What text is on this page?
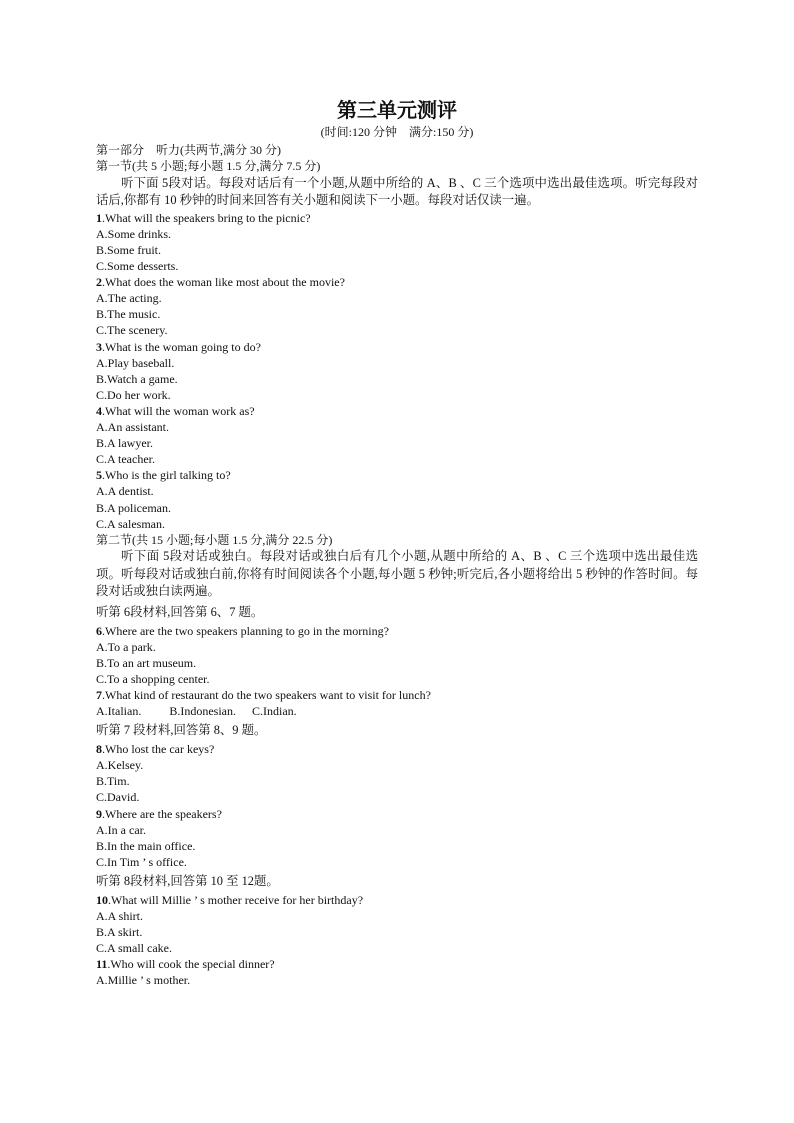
第三单元测评
(时间:120 分钟　满分:150 分)
第一部分　听力(共两节,满分 30 分)
第一节(共 5 小题;每小题 1.5 分,满分 7.5 分)
听下面 5段对话。每段对话后有一个小题,从题中所给的 A、B 、C 三个选项中选出最佳选项。听完每段对话后,你都有 10 秒钟的时间来回答有关小题和阅读下一小题。每段对话仅读一遍。
1.What will the speakers bring to the picnic?
A.Some drinks.
B.Some fruit.
C.Some desserts.
2.What does the woman like most about the movie?
A.The acting.
B.The music.
C.The scenery.
3.What is the woman going to do?
A.Play baseball.
B.Watch a game.
C.Do her work.
4.What will the woman work as?
A.An assistant.
B.A lawyer.
C.A teacher.
5.Who is the girl talking to?
A.A dentist.
B.A policeman.
C.A salesman.
第二节(共 15 小题;每小题 1.5 分,满分 22.5 分)
听下面 5段对话或独白。每段对话或独白后有几个小题,从题中所给的 A、B 、C 三个选项中选出最佳选项。听每段对话或独白前,你将有时间阅读各个小题,每小题 5 秒钟;听完后,各小题将给出 5 秒钟的作答时间。每段对话或独白读两遍。
听第 6段材料,回答第 6、7 题。
6.Where are the two speakers planning to go in the morning?
A.To a park.
B.To an art museum.
C.To a shopping center.
7.What kind of restaurant do the two speakers want to visit for lunch?
A.Italian. B.Indonesian. C.Indian.
听第 7 段材料,回答第 8、9 题。
8.Who lost the car keys?
A.Kelsey.
B.Tim.
C.David.
9.Where are the speakers?
A.In a car.
B.In the main office.
C.In Tim ’ s office.
听第 8段材料,回答第 10 至 12题。
10.What will Millie ’ s mother receive for her birthday?
A.A shirt.
B.A skirt.
C.A small cake.
11.Who will cook the special dinner?
A.Millie ’ s mother.
